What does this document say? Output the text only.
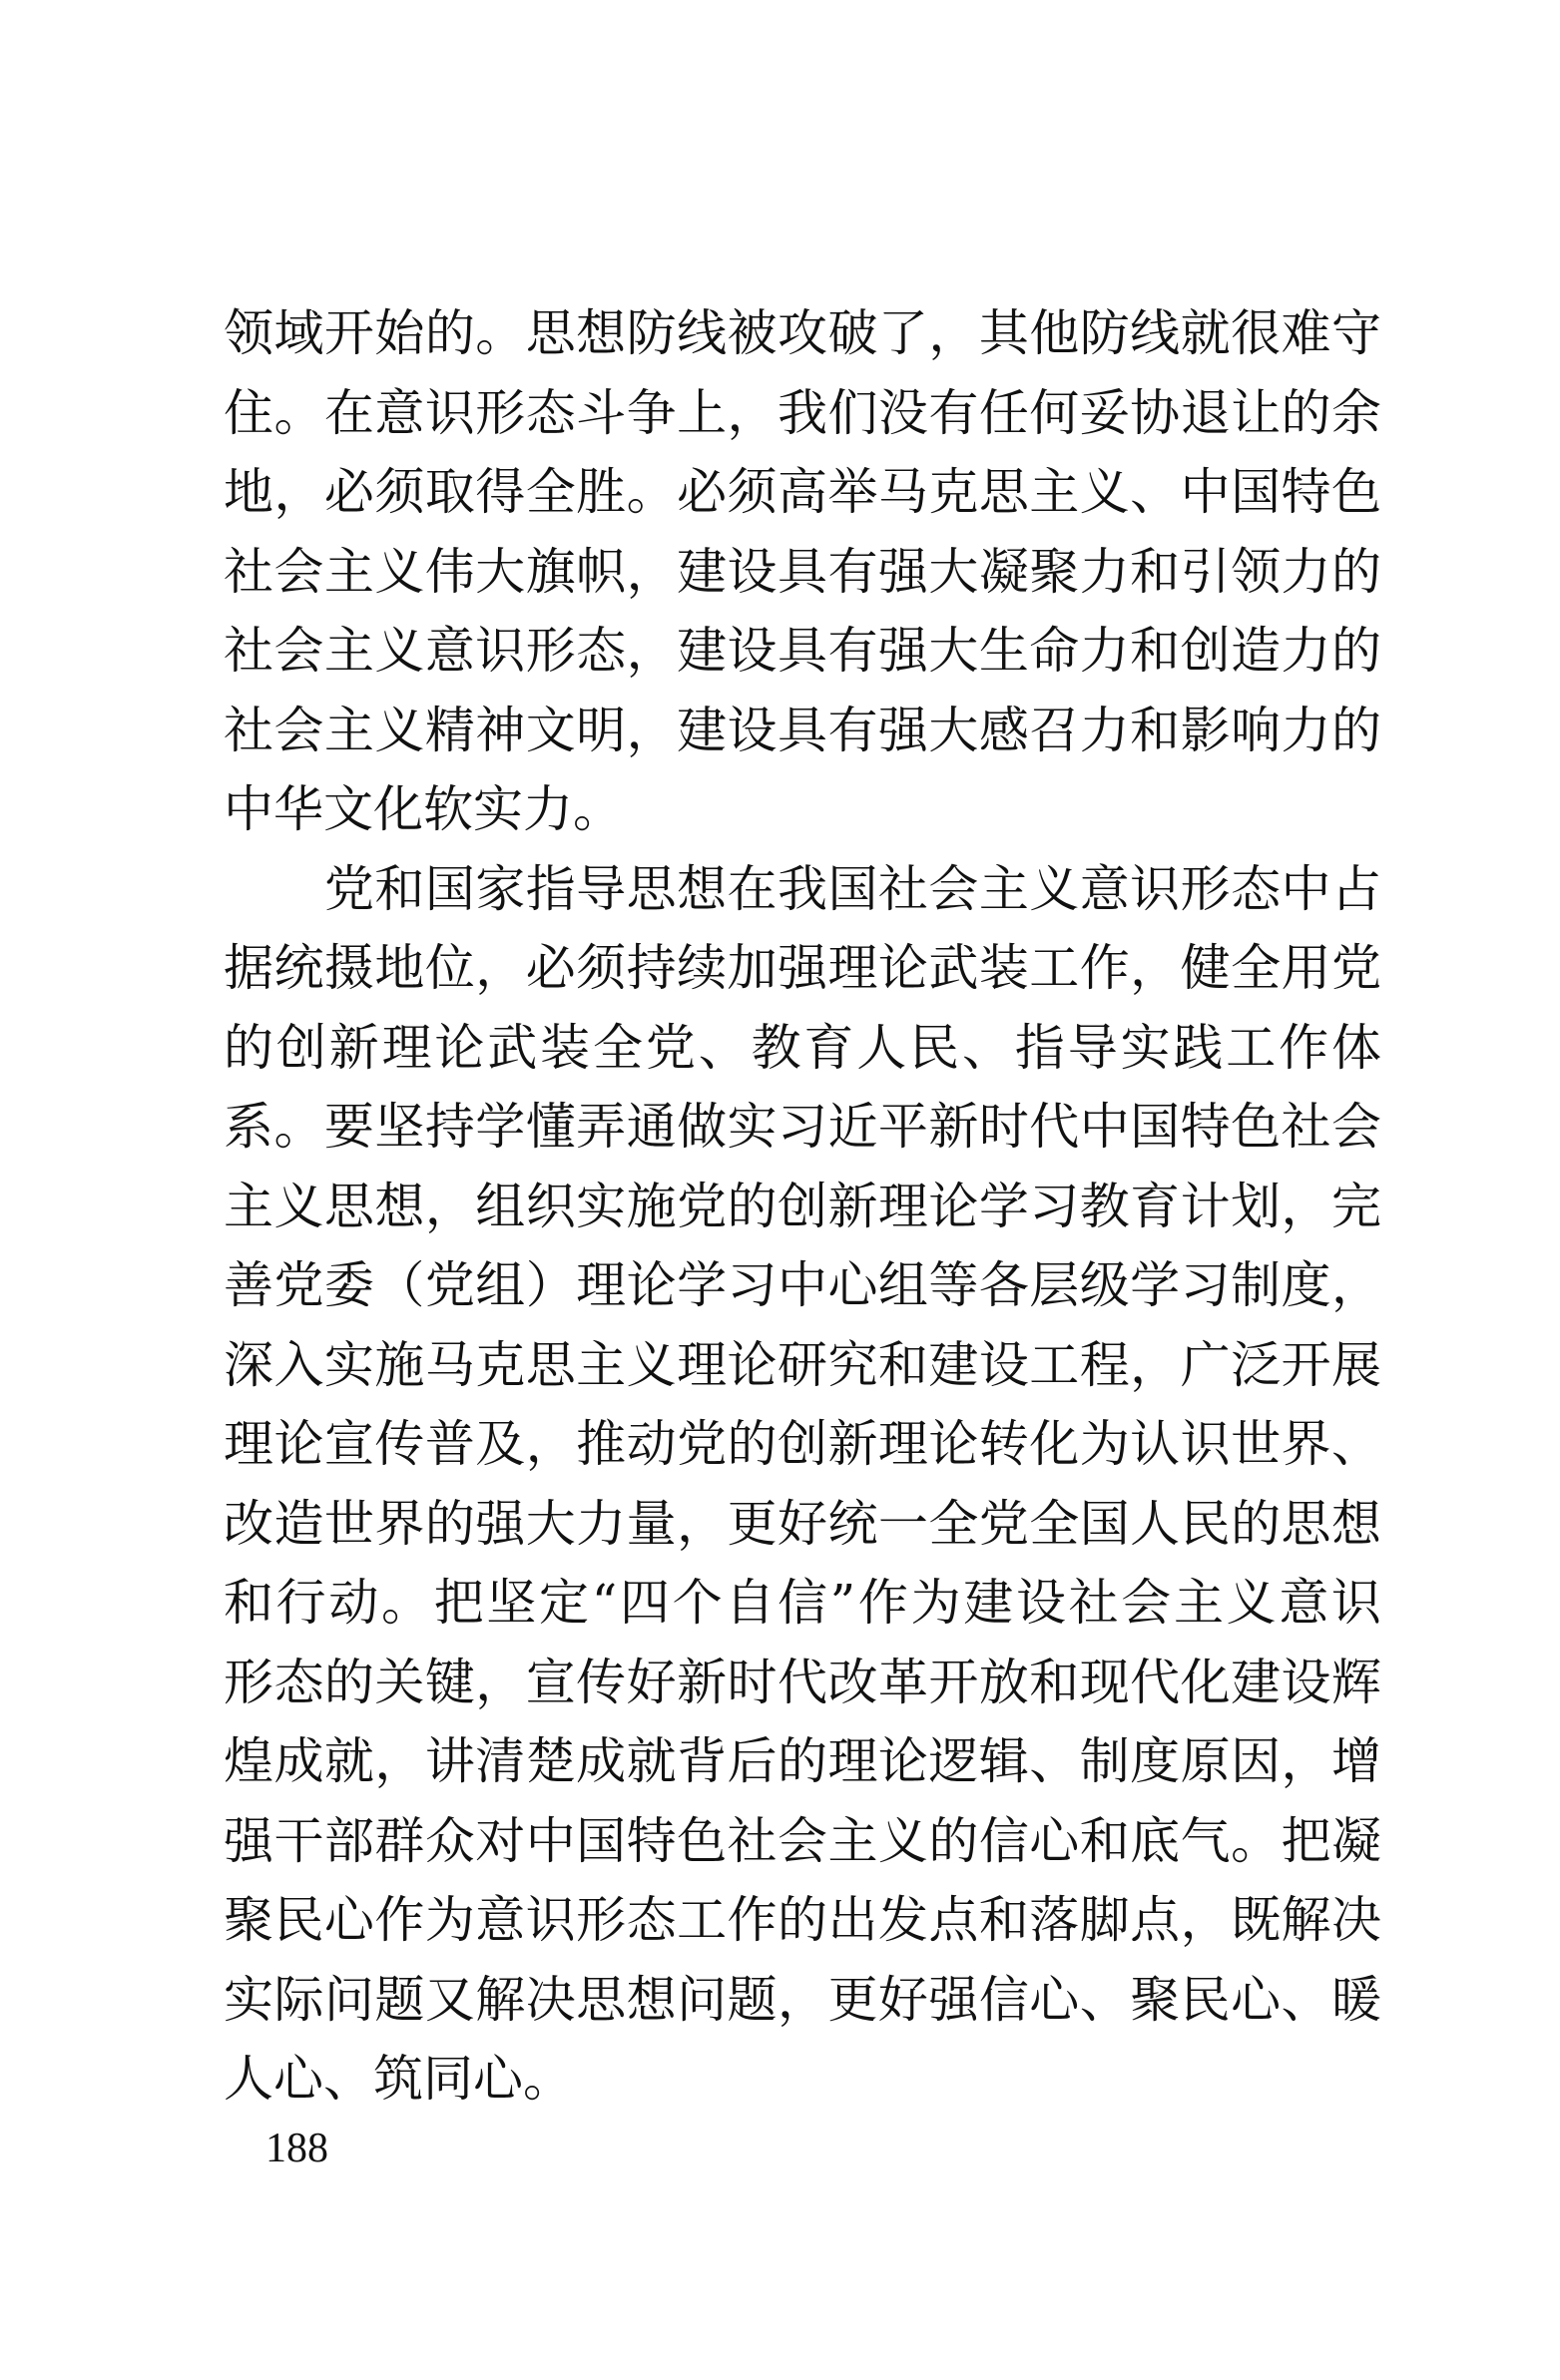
领域开始的。思想防线被攻破了，其他防线就很难守
住。在意识形态斗争上，我们没有任何妥协退让的余
地，必须取得全胜。必须高举马克思主义、中国特色
社会主义伟大旗帜，建设具有强大凝聚力和引领力的
社会主义意识形态，建设具有强大生命力和创造力的
社会主义精神文明，建设具有强大感召力和影响力的
中华文化软实力。
　　党和国家指导思想在我国社会主义意识形态中占
据统摄地位，必须持续加强理论武装工作，健全用党
的创新理论武装全党、教育人民、指导实践工作体
系。要坚持学懂弄通做实习近平新时代中国特色社会
主义思想，组织实施党的创新理论学习教育计划，完
善党委（党组）理论学习中心组等各层级学习制度，
深入实施马克思主义理论研究和建设工程，广泛开展
理论宣传普及，推动党的创新理论转化为认识世界、
改造世界的强大力量，更好统一全党全国人民的思想
和行动。把坚定“四个自信”作为建设社会主义意识
形态的关键，宣传好新时代改革开放和现代化建设辉
煌成就，讲清楚成就背后的理论逻辑、制度原因，增
强干部群众对中国特色社会主义的信心和底气。把凝
聚民心作为意识形态工作的出发点和落脚点，既解决
实际问题又解决思想问题，更好强信心、聚民心、暖
人心、筑同心。
188
